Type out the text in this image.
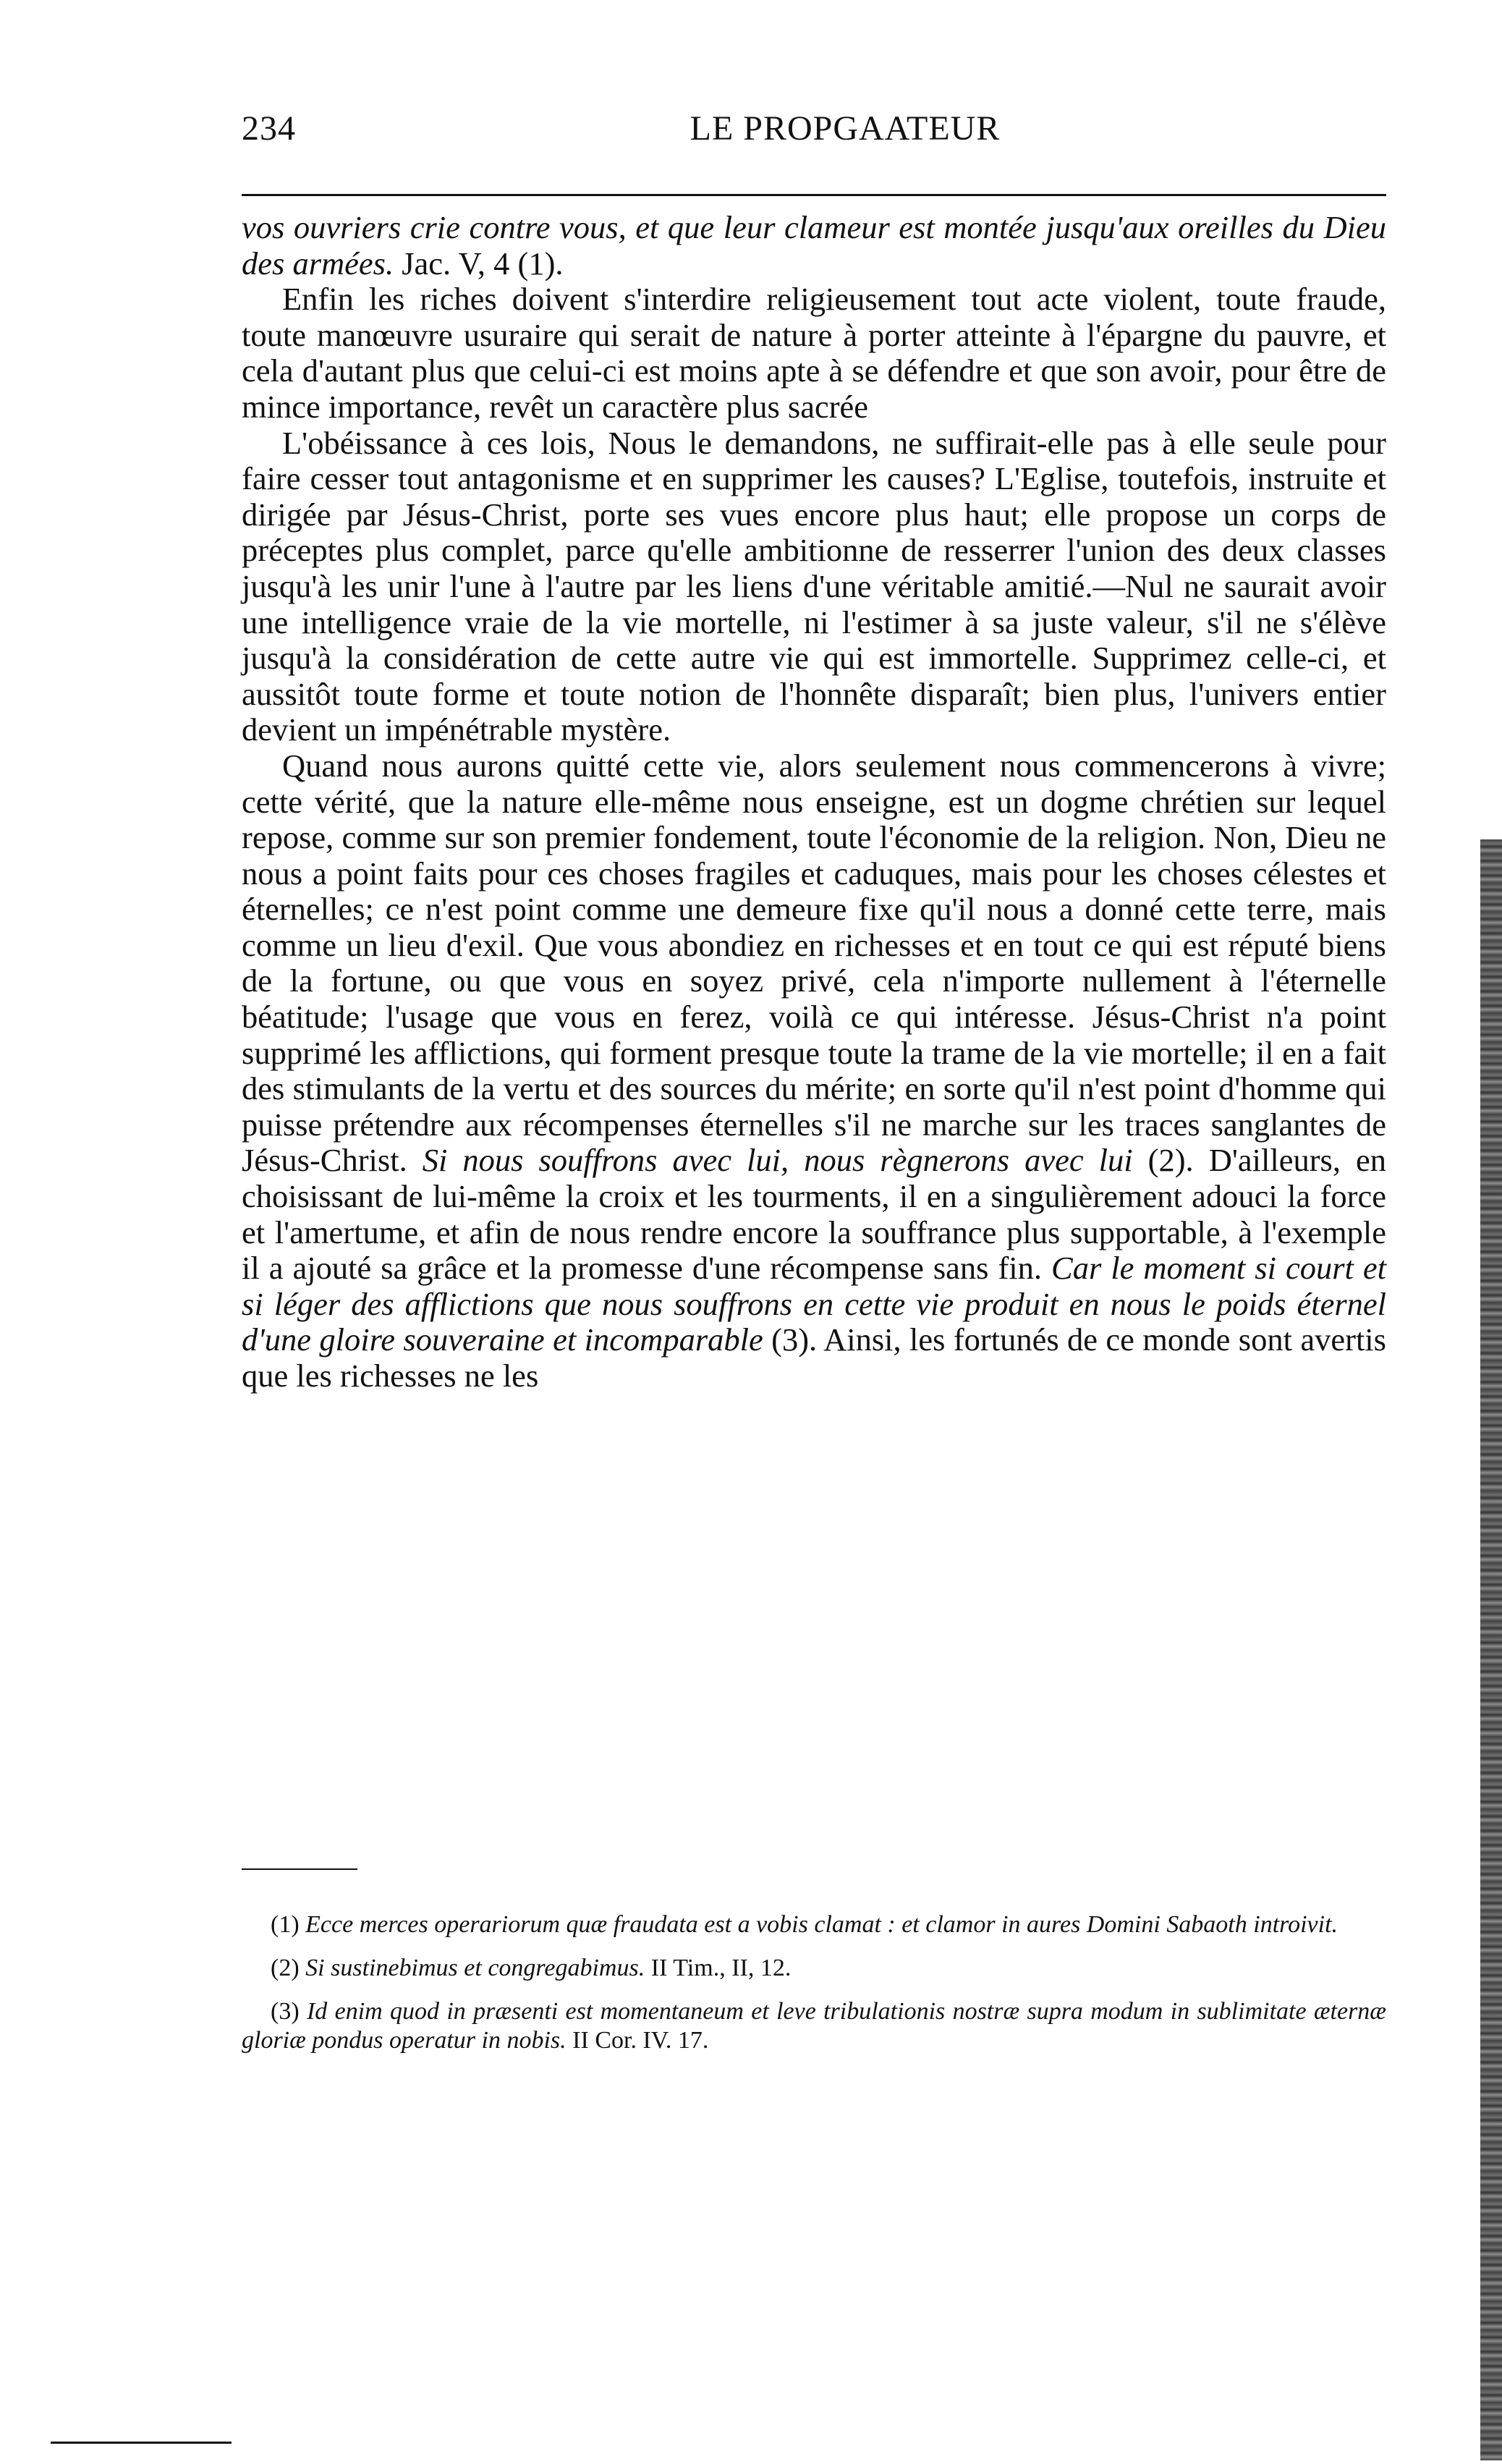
234	LE PROPGAATEUR

vos ouvriers crie contre vous, et que leur clameur est montée jusqu'aux oreilles du Dieu des armées. Jac. V, 4 (1).

Enfin les riches doivent s'interdire religieusement tout acte violent, toute fraude, toute manœuvre usuraire qui serait de nature à porter atteinte à l'épargne du pauvre, et cela d'autant plus que celui-ci est moins apte à se défendre et que son avoir, pour être de mince importance, revêt un caractère plus sacrée

L'obéissance à ces lois, Nous le demandons, ne suffirait-elle pas à elle seule pour faire cesser tout antagonisme et en supprimer les causes? L'Eglise, toutefois, instruite et dirigée par Jésus-Christ, porte ses vues encore plus haut; elle propose un corps de préceptes plus complet, parce qu'elle ambitionne de resserrer l'union des deux classes jusqu'à les unir l'une à l'autre par les liens d'une véritable amitié.—Nul ne saurait avoir une intelligence vraie de la vie mortelle, ni l'estimer à sa juste valeur, s'il ne s'élève jusqu'à la considération de cette autre vie qui est immortelle. Supprimez celle-ci, et aussitôt toute forme et toute notion de l'honnête disparaît; bien plus, l'univers entier devient un impénétrable mystère.

Quand nous aurons quitté cette vie, alors seulement nous commencerons à vivre; cette vérité, que la nature elle-même nous enseigne, est un dogme chrétien sur lequel repose, comme sur son premier fondement, toute l'économie de la religion. Non, Dieu ne nous a point faits pour ces choses fragiles et caduques, mais pour les choses célestes et éternelles; ce n'est point comme une demeure fixe qu'il nous a donné cette terre, mais comme un lieu d'exil. Que vous abondiez en richesses et en tout ce qui est réputé biens de la fortune, ou que vous en soyez privé, cela n'importe nullement à l'éternelle béatitude; l'usage que vous en ferez, voilà ce qui intéresse. Jésus-Christ n'a point supprimé les afflictions, qui forment presque toute la trame de la vie mortelle; il en a fait des stimulants de la vertu et des sources du mérite; en sorte qu'il n'est point d'homme qui puisse prétendre aux récompenses éternelles s'il ne marche sur les traces sanglantes de Jésus-Christ. Si nous souffrons avec lui, nous règnerons avec lui (2). D'ailleurs, en choisissant de lui-même la croix et les tourments, il en a singulièrement adouci la force et l'amertume, et afin de nous rendre encore la souffrance plus supportable, à l'exemple il a ajouté sa grâce et la promesse d'une récompense sans fin. Car le moment si court et si léger des afflictions que nous souffrons en cette vie produit en nous le poids éternel d'une gloire souveraine et incomparable (3). Ainsi, les fortunés de ce monde sont avertis que les richesses ne les

(1) Ecce merces operariorum quæ fraudata est a vobis clamat : et clamor in aures Domini Sabaoth introivit.

(2) Si sustinebimus et congregabimus. II Tim., II, 12.

(3) Id enim quod in præsenti est momentaneum et leve tribulationis nostræ supra modum in sublimitate æternæ gloriæ pondus operatur in nobis. II Cor. IV. 17.
